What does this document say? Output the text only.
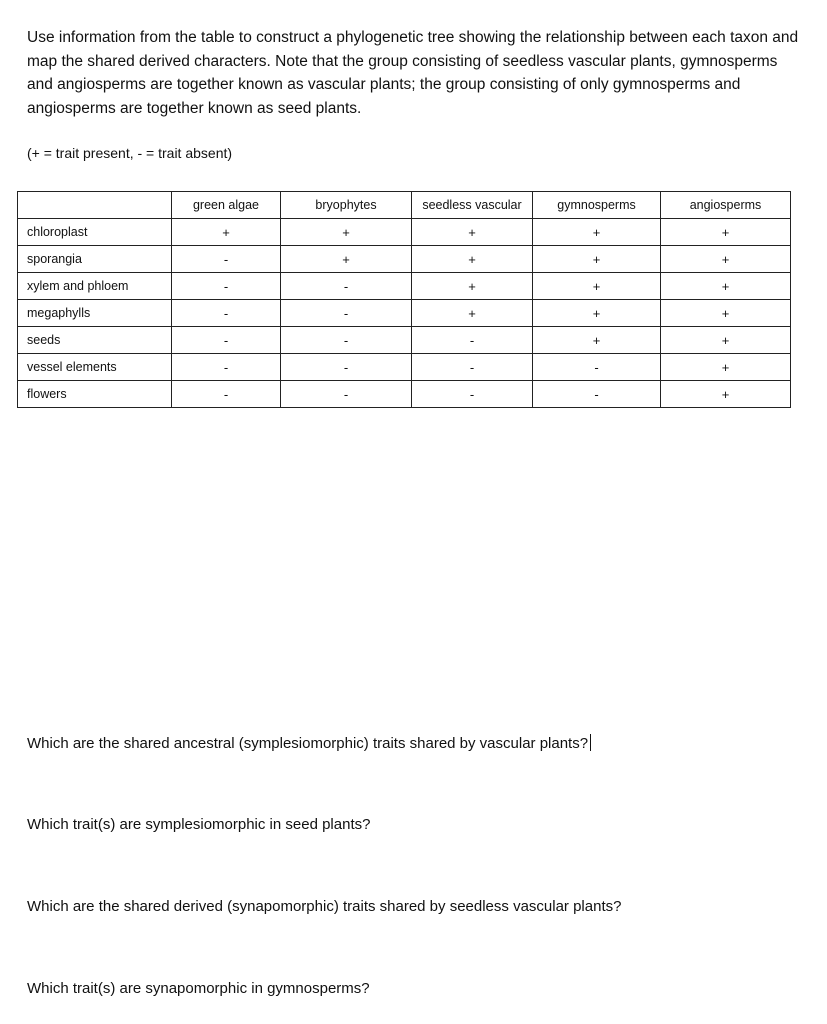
Use information from the table to construct a phylogenetic tree showing the relationship between each taxon and map the shared derived characters. Note that the group consisting of seedless vascular plants, gymnosperms and angiosperms are together known as vascular plants; the group consisting of only gymnosperms and angiosperms are together known as seed plants.

(+ = trait present, - = trait absent)

	green algae	bryophytes	seedless vascular	gymnosperms	angiosperms
chloroplast	+	+	+	+	+
sporangia	-	+	+	+	+
xylem and phloem	-	-	+	+	+
megaphylls	-	-	+	+	+
seeds	-	-	-	+	+
vessel elements	-	-	-	-	+
flowers	-	-	-	-	+

Which are the shared ancestral (symplesiomorphic) traits shared by vascular plants?

Which trait(s) are symplesiomorphic in seed plants?

Which are the shared derived (synapomorphic) traits shared by seedless vascular plants?

Which trait(s) are synapomorphic in gymnosperms?
